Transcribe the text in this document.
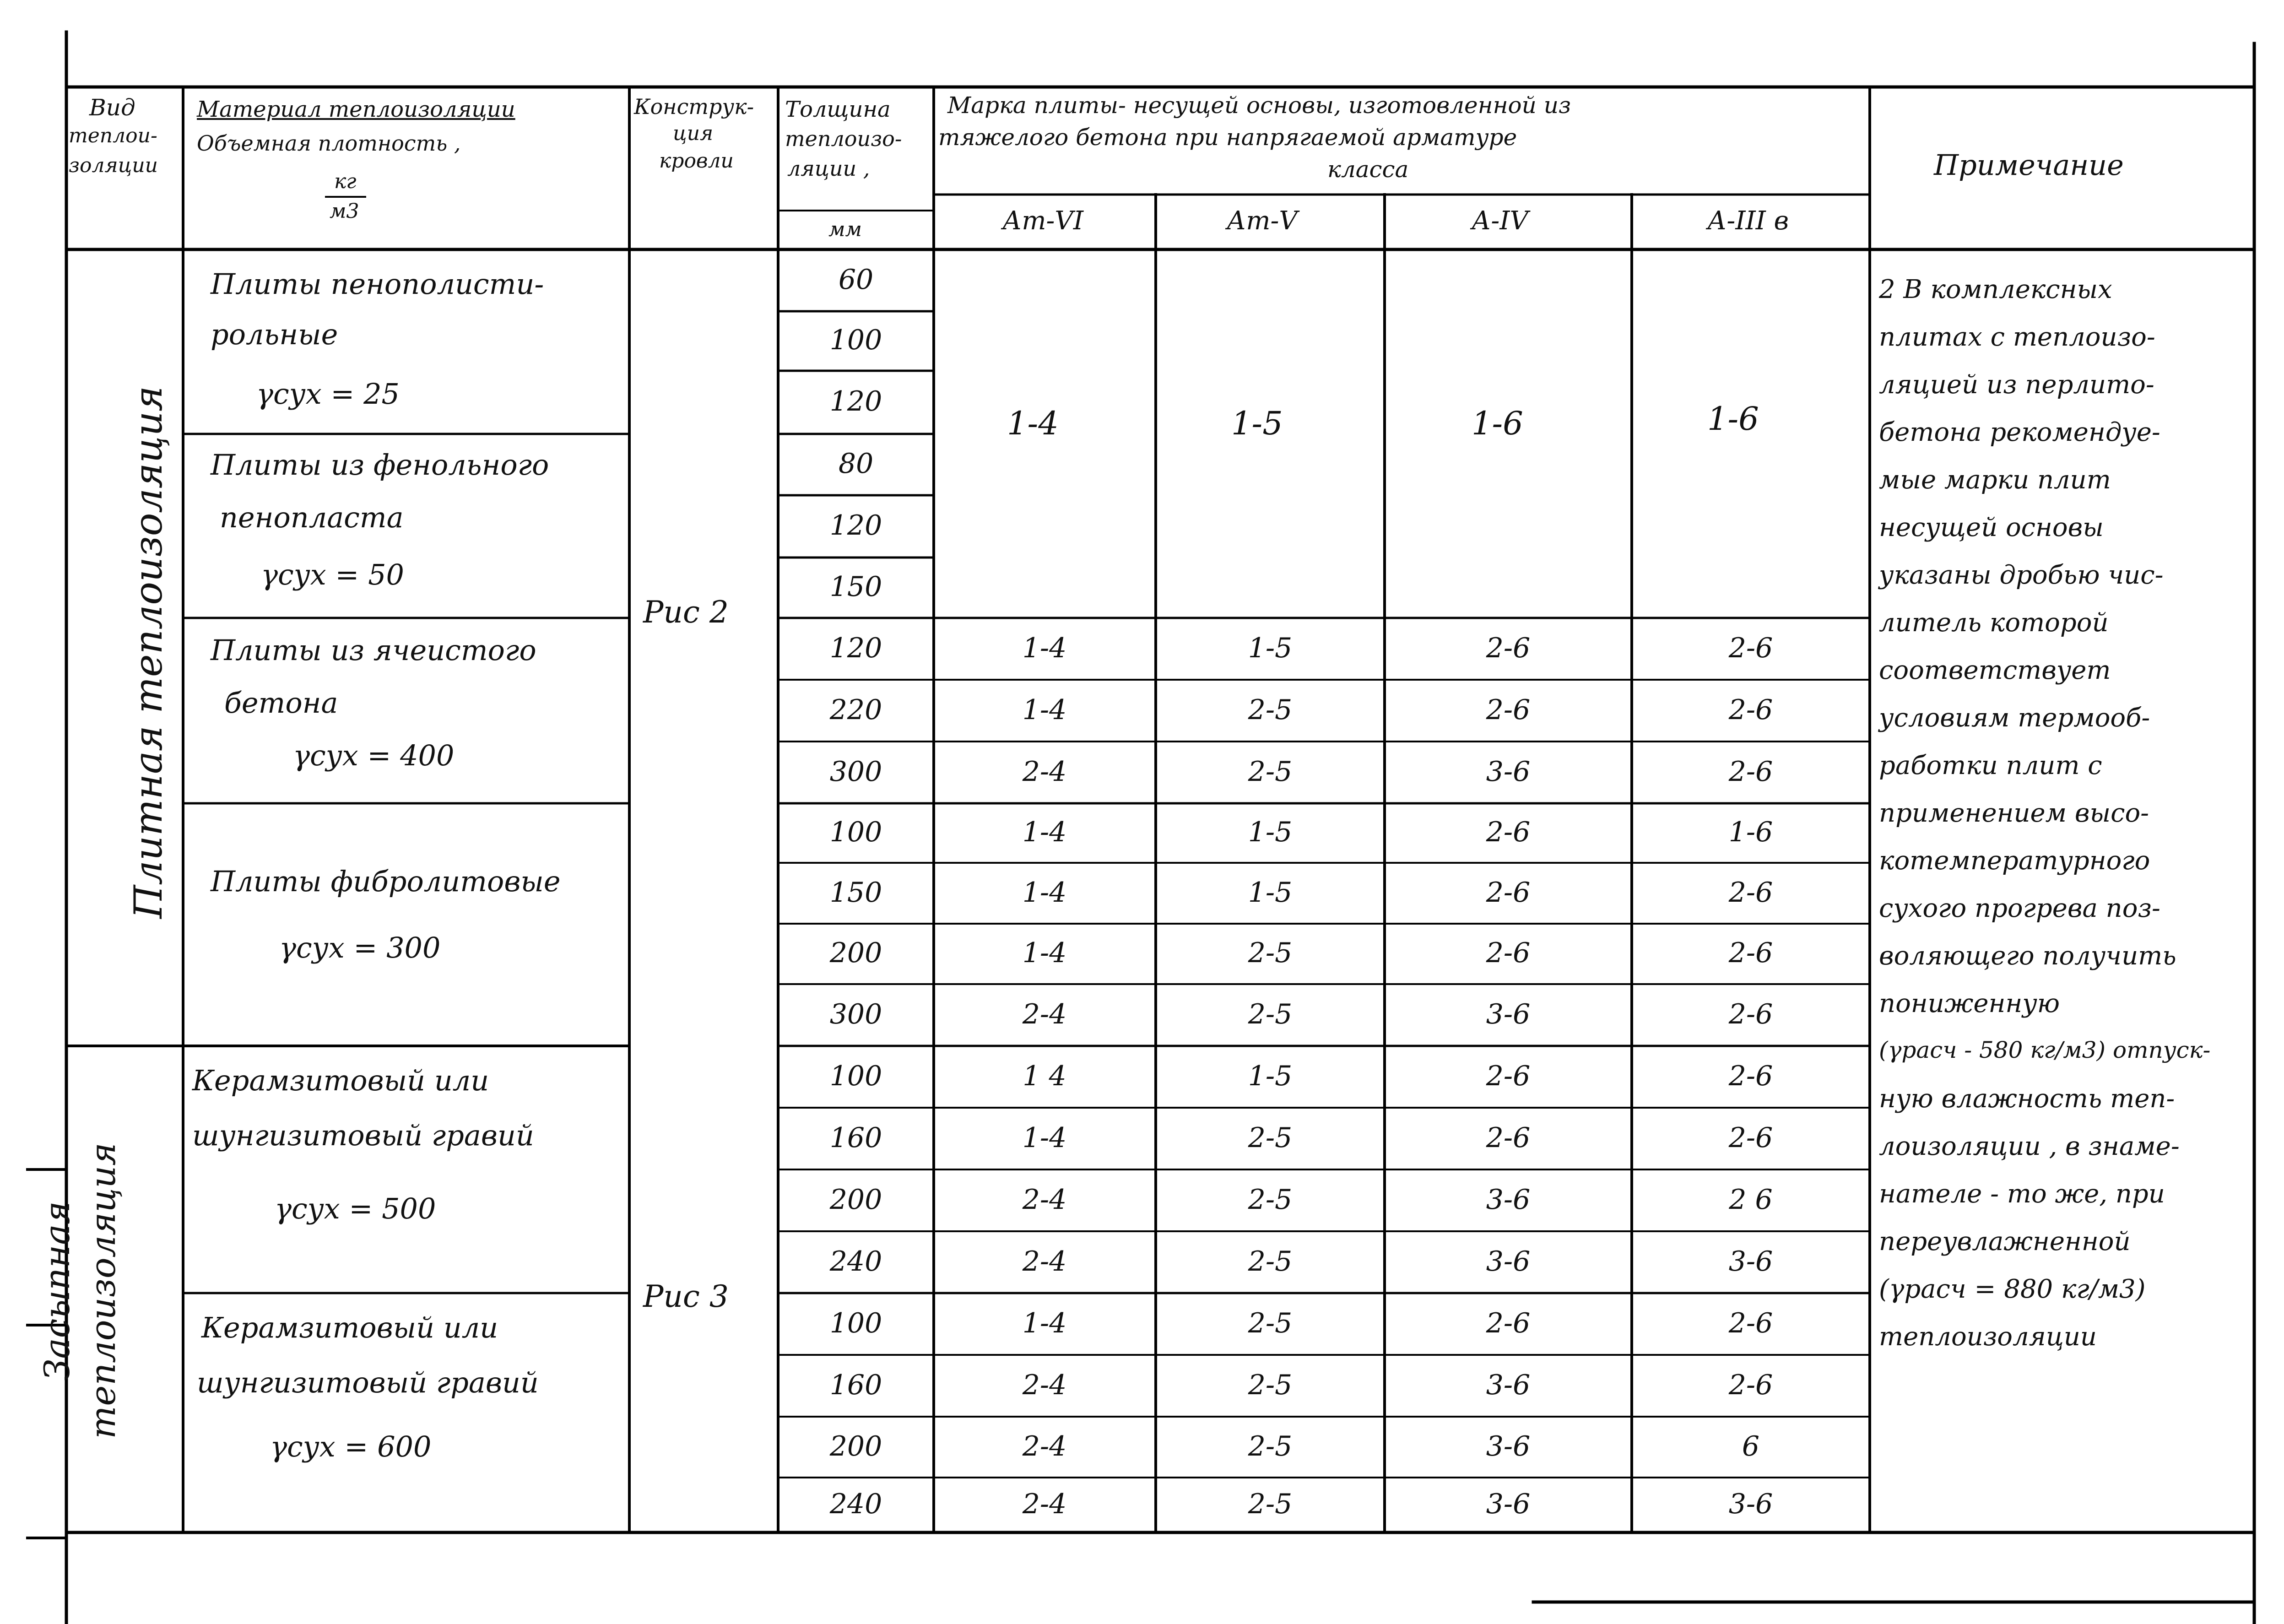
Вид
теплои-
золяции
Материал теплоизоляции
Объемная плотность ,
кг
м3
Конструк-
ция
кровли
Толщина
теплоизо-
ляции ,
мм
Марка плиты- несущей основы, изготовленной из
тяжелого бетона при напрягаемой арматуре
класса
Ат-VI	Ат-V	А-IV	А-III в
Примечание
Плитная теплоизоляция
Засыпная теплоизоляция
Плиты пенополисти-
рольные
γсух = 25
Плиты из фенольного
пенопласта
γсух = 50
Плиты из ячеистого
бетона
γсух = 400
Плиты фибролитовые
γсух = 300
Керамзитовый или
шунгизитовый гравий
γсух = 500
Керамзитовый или
шунгизитовый гравий
γсух = 600
Рис 2
Рис 3
1-4	1-5	1-6	1-6
60
100
120
80
120
150
120	1-4	1-5	2-6	2-6
220	1-4	2-5	2-6	2-6
300	2-4	2-5	3-6	2-6
100	1-4	1-5	2-6	1-6
150	1-4	1-5	2-6	2-6
200	1-4	2-5	2-6	2-6
300	2-4	2-5	3-6	2-6
100	1 4	1-5	2-6	2-6
160	1-4	2-5	2-6	2-6
200	2-4	2-5	3-6	2 6
240	2-4	2-5	3-6	3-6
100	1-4	2-5	2-6	2-6
160	2-4	2-5	3-6	2-6
200	2-4	2-5	3-6	6
240	2-4	2-5	3-6	3-6
2 В комплексных
плитах с теплоизо-
ляцией из перлито-
бетона рекомендуе-
мые марки плит
несущей основы
указаны дробью чис-
литель которой
соответствует
условиям термооб-
работки плит с
применением высо-
котемпературного
сухого прогрева поз-
воляющего получить
пониженную
(γрасч - 580 кг/м3) отпуск-
ную влажность теп-
лоизоляции , в знаме-
нателе - то же, при
переувлажненной
(γрасч = 880 кг/м3)
теплоизоляции
